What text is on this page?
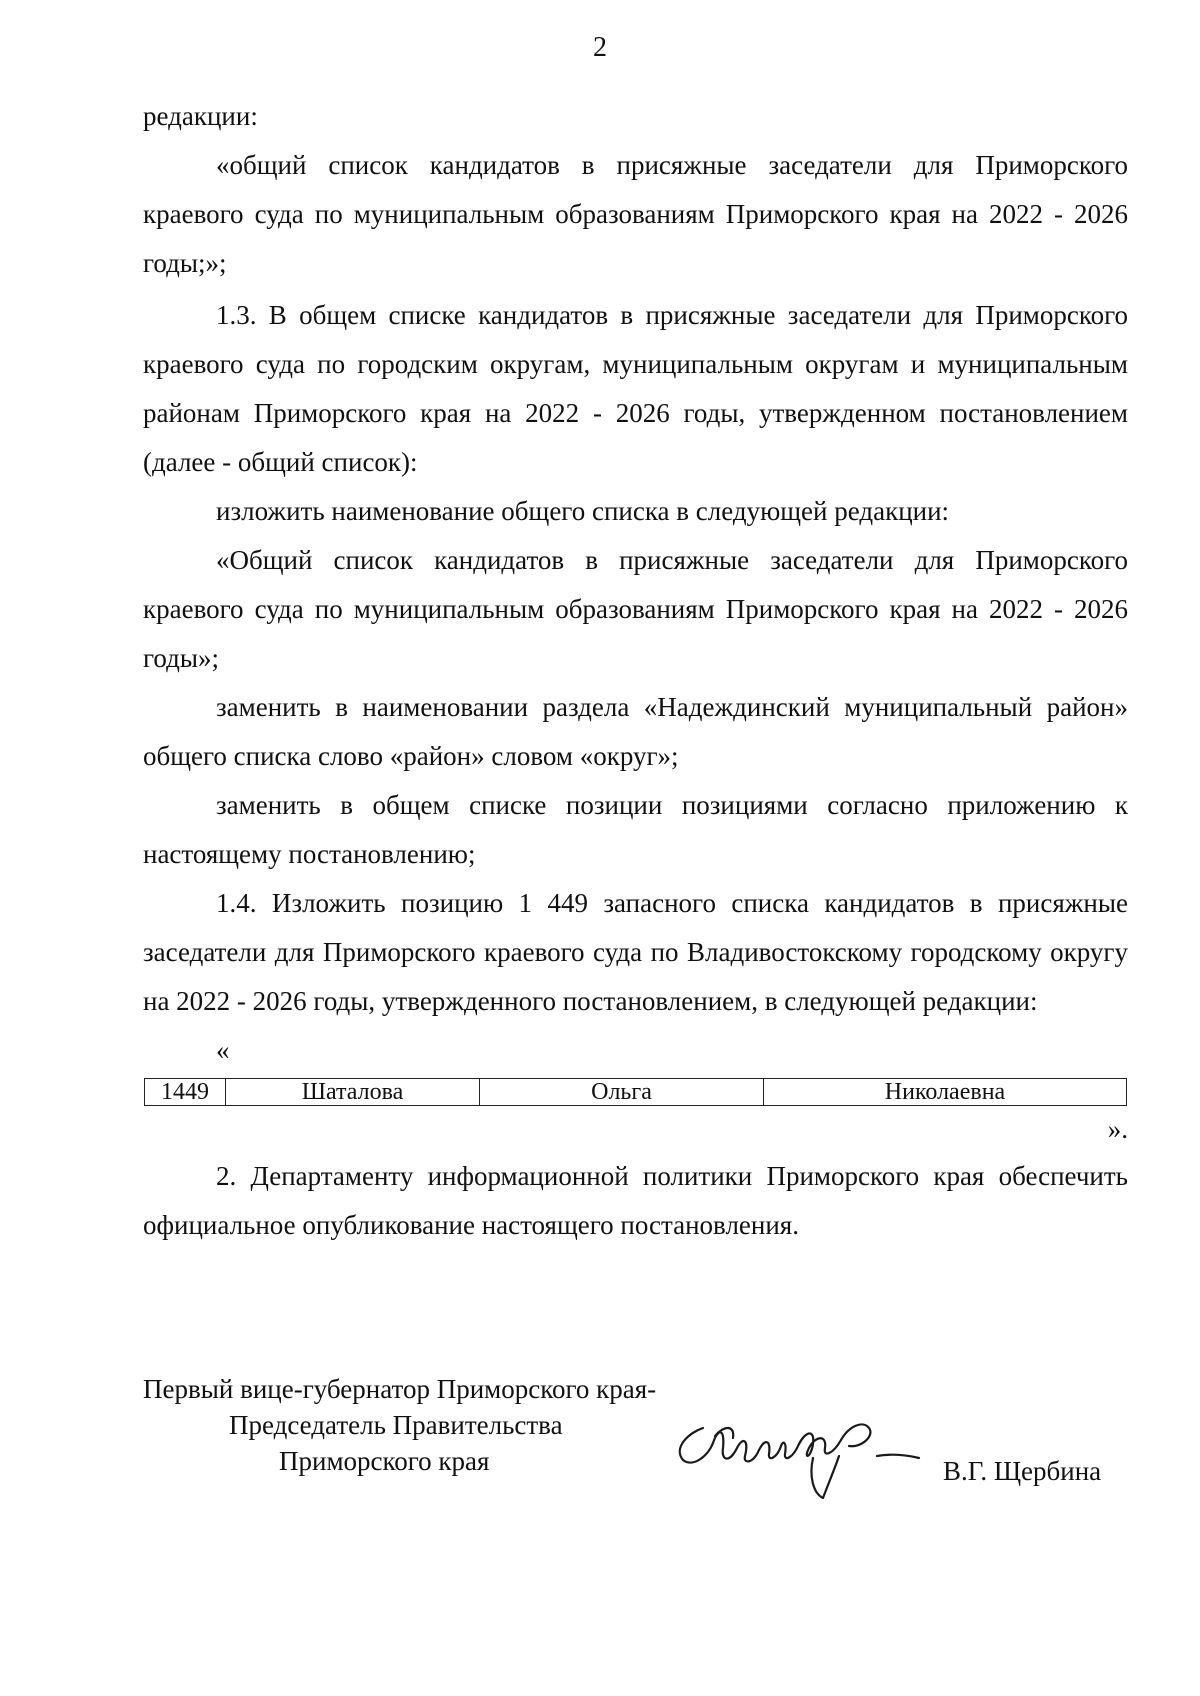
2

редакции:

«общий список кандидатов в присяжные заседатели для Приморского краевого суда по муниципальным образованиям Приморского края на 2022 - 2026 годы;»;

1.3. В общем списке кандидатов в присяжные заседатели для Приморского краевого суда по городским округам, муниципальным округам и муниципальным районам Приморского края на 2022 - 2026 годы, утвержденном постановлением (далее - общий список):

изложить наименование общего списка в следующей редакции:

«Общий список кандидатов в присяжные заседатели для Приморского краевого суда по муниципальным образованиям Приморского края на 2022 - 2026 годы»;

заменить в наименовании раздела «Надеждинский муниципальный район» общего списка слово «район» словом «округ»;

заменить в общем списке позиции позициями согласно приложению к настоящему постановлению;

1.4. Изложить позицию 1 449 запасного списка кандидатов в присяжные заседатели для Приморского краевого суда по Владивостокскому городскому округу на 2022 - 2026 годы, утвержденного постановлением, в следующей редакции:

«

1449	Шаталова	Ольга	Николаевна
».

2. Департаменту информационной политики Приморского края обеспечить официальное опубликование настоящего постановления.

Первый вице-губернатор Приморского края-
Председатель Правительства
Приморского края	В.Г. Щербина
